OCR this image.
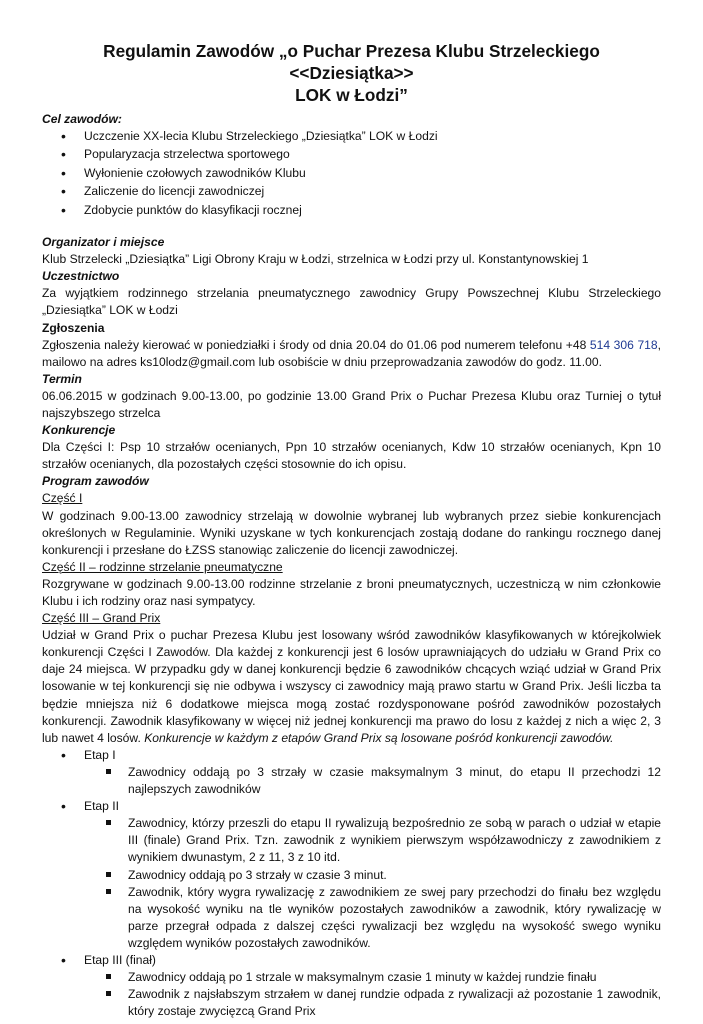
Regulamin Zawodów „o Puchar Prezesa Klubu Strzeleckiego <<Dziesiątka>>
LOK w Łodzi”
Cel zawodów:
• Uczczenie XX-lecia Klubu Strzeleckiego „Dziesiątka” LOK w Łodzi
• Popularyzacja strzelectwa sportowego
• Wyłonienie czołowych zawodników Klubu
• Zaliczenie do licencji zawodniczej
• Zdobycie punktów do klasyfikacji rocznej
Organizator i miejsce

Klub Strzelecki „Dziesiątka” Ligi Obrony Kraju w Łodzi, strzelnica w Łodzi przy ul. Konstantynowskiej 1

Uczestnictwo

Za wyjątkiem rodzinnego strzelania pneumatycznego zawodnicy Grupy Powszechnej Klubu Strzeleckiego „Dziesiątka” LOK w Łodzi

Zgłoszenia

Zgłoszenia należy kierować w poniedziałki i środy od dnia 20.04 do 01.06 pod numerem telefonu +48 514 306 718, mailowo na adres ks10lodz@gmail.com lub osobiście w dniu przeprowadzania zawodów do godz. 11.00.

Termin

06.06.2015 w godzinach 9.00-13.00, po godzinie 13.00 Grand Prix o Puchar Prezesa Klubu oraz Turniej o tytuł najszybszego strzelca

Konkurencje

Dla Części I: Psp 10 strzałów ocenianych, Ppn 10 strzałów ocenianych, Kdw 10 strzałów ocenianych, Kpn 10 strzałów ocenianych, dla pozostałych części stosownie do ich opisu.

Program zawodów
Część I

W godzinach 9.00-13.00 zawodnicy strzelają w dowolnie wybranej lub wybranych przez siebie konkurencjach określonych w Regulaminie. Wyniki uzyskane w tych konkurencjach zostają dodane do rankingu rocznego danej konkurencji i przesłane do ŁZSS stanowiąc zaliczenie do licencji zawodniczej.

Część II – rodzinne strzelanie pneumatyczne

Rozgrywane w godzinach 9.00-13.00 rodzinne strzelanie z broni pneumatycznych, uczestniczą w nim członkowie Klubu i ich rodziny oraz nasi sympatycy.

Część III – Grand Prix

Udział w Grand Prix o puchar Prezesa Klubu jest losowany wśród zawodników klasyfikowanych w którejkolwiek konkurencji Części I Zawodów. Dla każdej z konkurencji jest 6 losów uprawniających do udziału w Grand Prix co daje 24 miejsca. W przypadku gdy w danej konkurencji będzie 6 zawodników chcących wziąć udział w Grand Prix losowanie w tej konkurencji się nie odbywa i wszyscy ci zawodnicy mają prawo startu w Grand Prix. Jeśli liczba ta będzie mniejsza niż 6 dodatkowe miejsca mogą zostać rozdysponowane pośród zawodników pozostałych konkurencji. Zawodnik klasyfikowany w więcej niż jednej konkurencji ma prawo do losu z każdej z nich a więc 2, 3 lub nawet 4 losów. Konkurencje w każdym z etapów Grand Prix są losowane pośród konkurencji zawodów.

• Etap I
Zawodnicy oddają po 3 strzały w czasie maksymalnym 3 minut, do etapu II przechodzi 12 najlepszych zawodników
• Etap II
Zawodnicy, którzy przeszli do etapu II rywalizują bezpośrednio ze sobą w parach o udział w etapie III (finale) Grand Prix. Tzn. zawodnik z wynikiem pierwszym współzawodniczy z zawodnikiem z wynikiem dwunastym, 2 z 11, 3 z 10 itd.
Zawodnicy oddają po 3 strzały w czasie 3 minut.
Zawodnik, który wygra rywalizację z zawodnikiem ze swej pary przechodzi do finału bez względu na wysokość wyniku na tle wyników pozostałych zawodników a zawodnik, który rywalizację w parze przegrał odpada z dalszej części rywalizacji bez względu na wysokość swego wyniku względem wyników pozostałych zawodników.
• Etap III (finał)
Zawodnicy oddają po 1 strzale w maksymalnym czasie 1 minuty w każdej rundzie finału
Zawodnik z najsłabszym strzałem w danej rundzie odpada z rywalizacji aż pozostanie 1 zawodnik, który zostaje zwycięzcą Grand Prix
